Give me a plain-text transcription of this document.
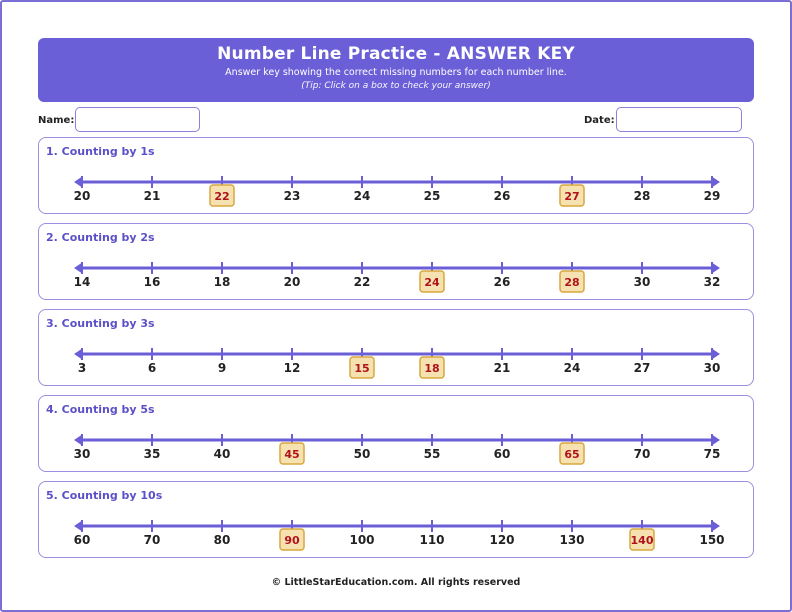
Number Line Practice - ANSWER KEY
Answer key showing the correct missing numbers for each number line.
(Tip: Click on a box to check your answer)
Name:	Date:
1. Counting by 1s
20	21	22	23	24	25	26	27	28	29
2. Counting by 2s
14	16	18	20	22	24	26	28	30	32
3. Counting by 3s
3	6	9	12	15	18	21	24	27	30
4. Counting by 5s
30	35	40	45	50	55	60	65	70	75
5. Counting by 10s
60	70	80	90	100	110	120	130	140	150
© LittleStarEducation.com. All rights reserved
